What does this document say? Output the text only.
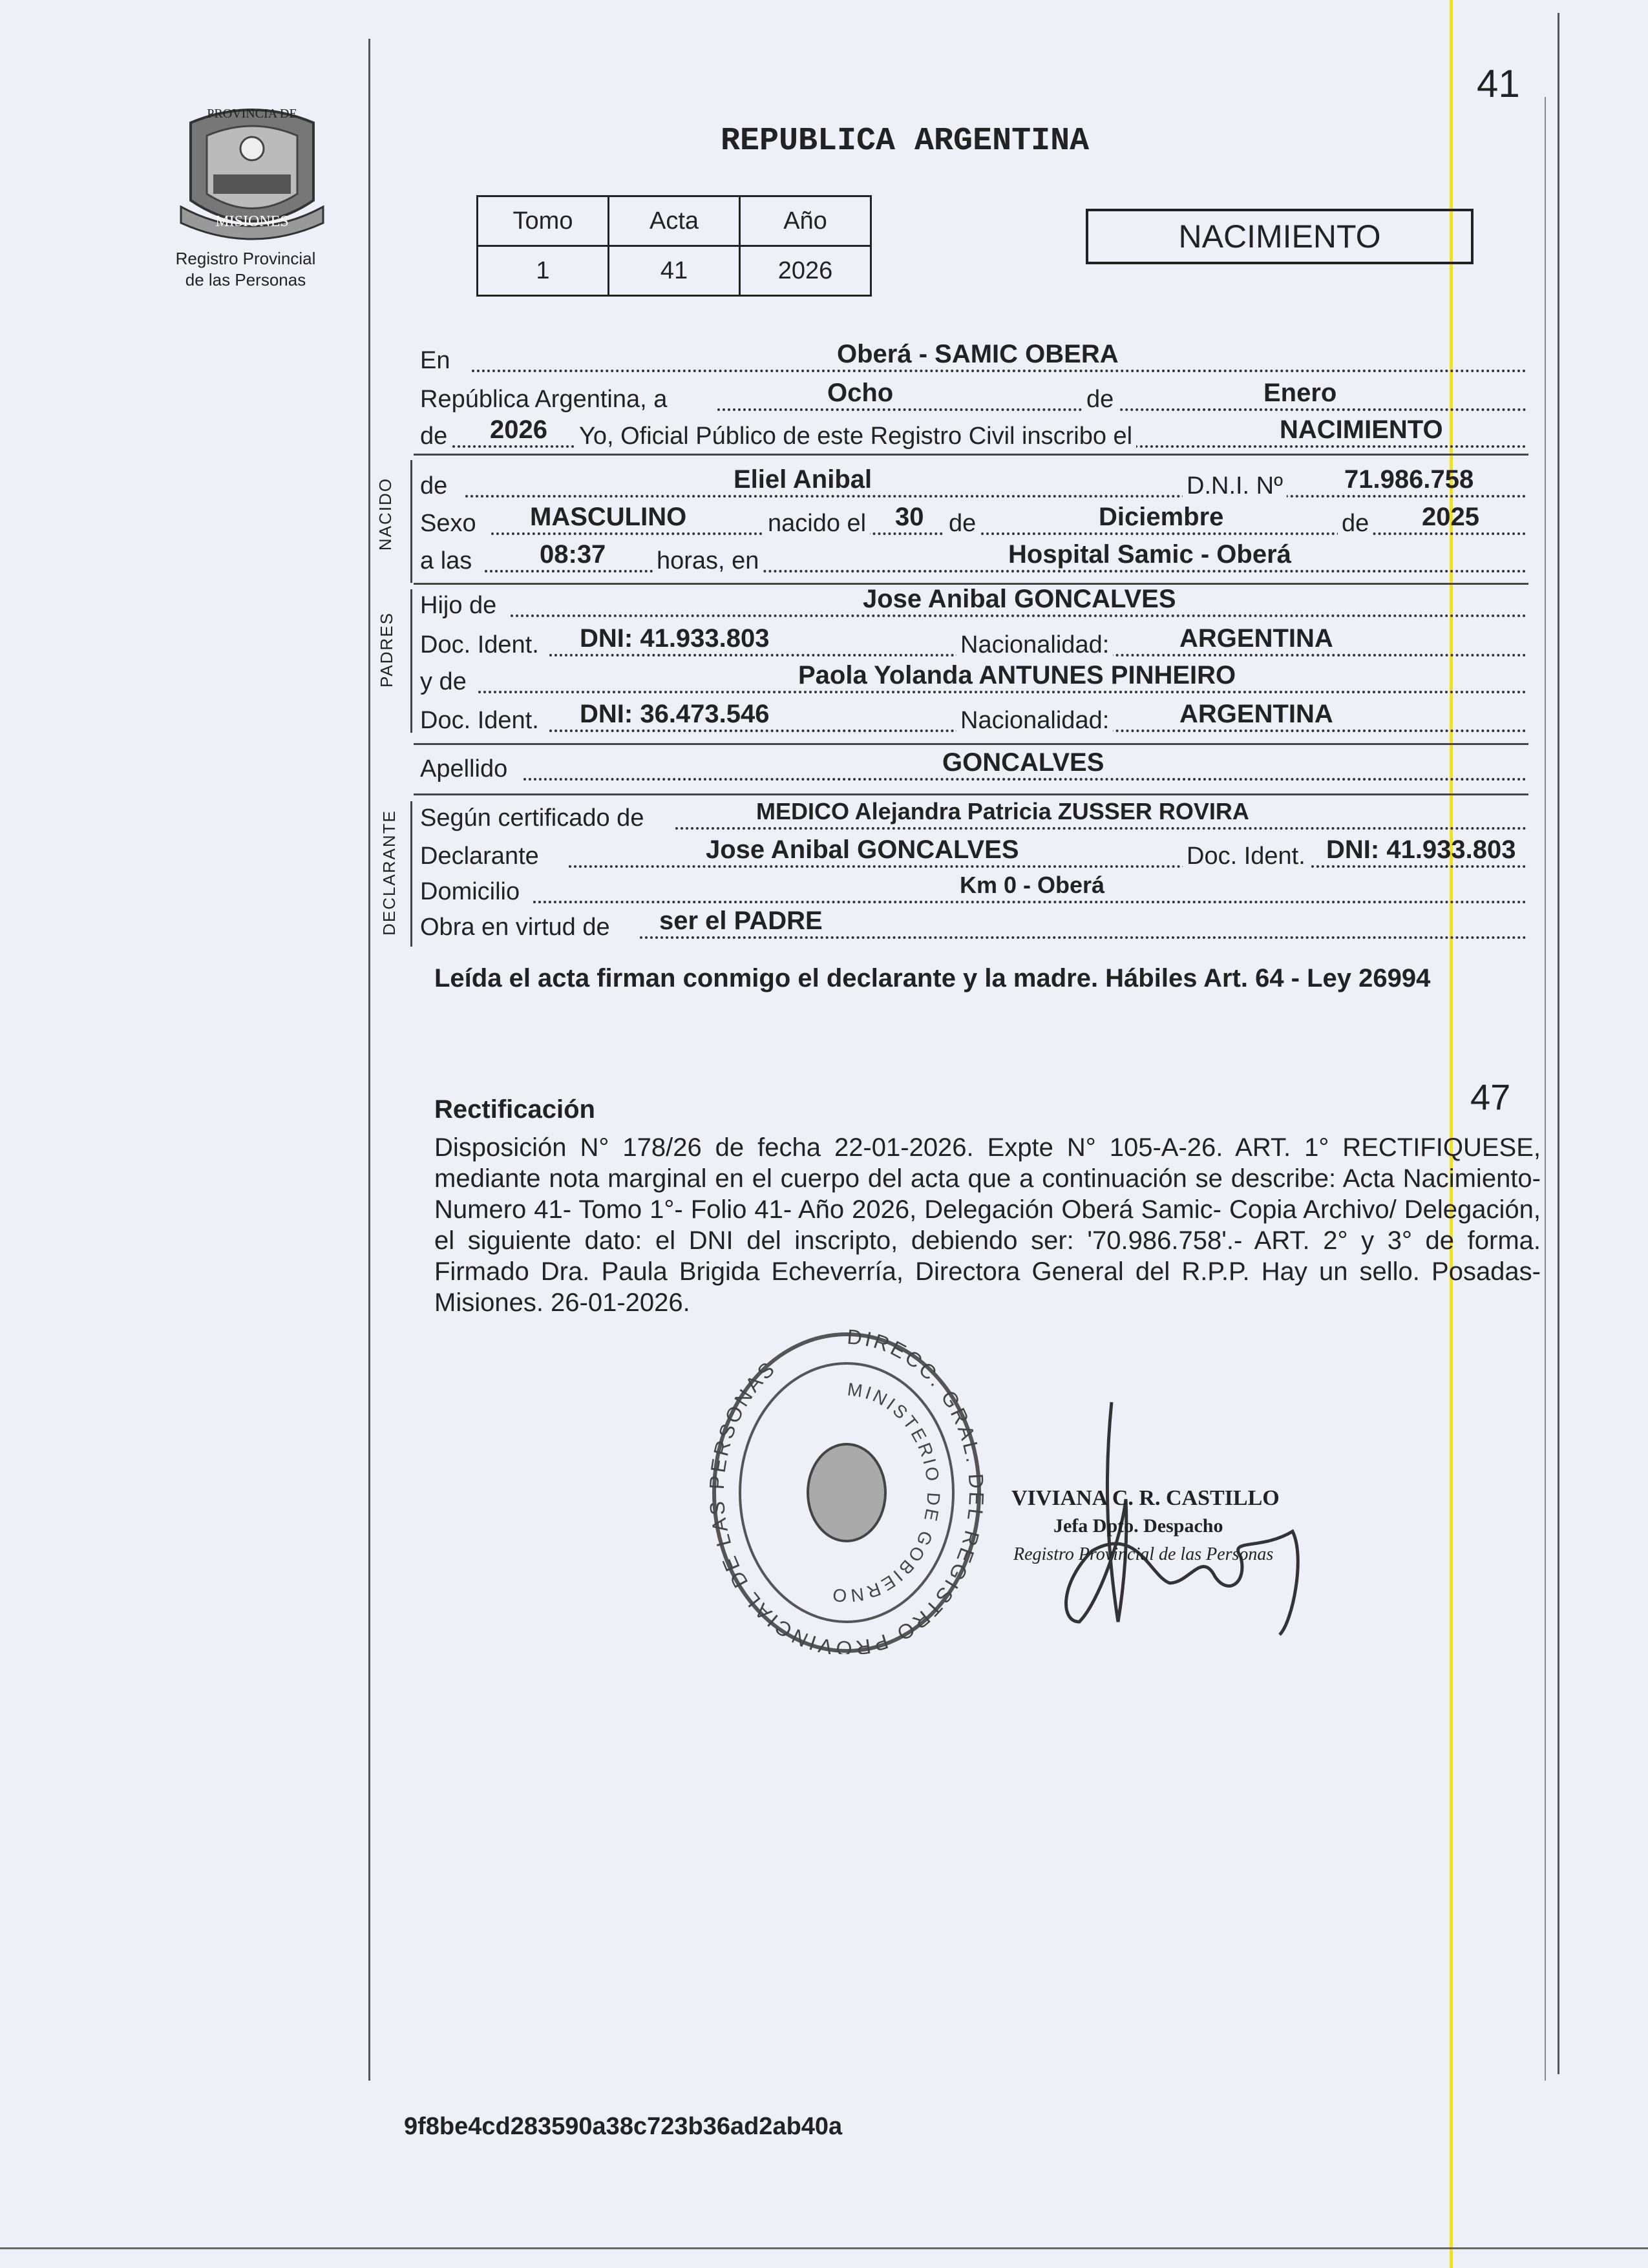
41
PROVINCIA DE
MISIONES
Registro Provincial
de las Personas
REPUBLICA ARGENTINA
Tomo	Acta	Año
1	41	2026
NACIMIENTO
En	Oberá - SAMIC OBERA
República Argentina, a	Ocho	de	Enero
de 2026 Yo, Oficial Público de este Registro Civil inscribo el	NACIMIENTO
NACIDO de	Eliel Anibal	D.N.I. Nº 71.986.758
Sexo MASCULINO	nacido el 30 de	Diciembre	de 2025
a las	08:37 horas, en	Hospital Samic - Oberá
PADRES
Hijo de	Jose Anibal GONCALVES
Doc. Ident. DNI: 41.933.803	Nacionalidad:	ARGENTINA
y de	Paola Yolanda ANTUNES PINHEIRO
Doc. Ident. DNI: 36.473.546	Nacionalidad:	ARGENTINA
Apellido	GONCALVES
DECLARANTE Según certificado de	MEDICO Alejandra Patricia ZUSSER ROVIRA
Declarante	Jose Anibal GONCALVES	Doc. Ident. DNI: 41.933.803
Domicilio	Km 0 - Oberá
Obra en virtud de ser el PADRE
Leída el acta firman conmigo el declarante y la madre. Hábiles Art. 64 - Ley 26994
47
Rectificación
Disposición N° 178/26 de fecha 22-01-2026. Expte N° 105-A-26. ART. 1° RECTIFIQUESE, mediante nota marginal en el cuerpo del acta que a continuación se describe: Acta Nacimiento- Numero 41- Tomo 1°- Folio 41- Año 2026, Delegación Oberá Samic- Copia Archivo/ Delegación, el siguiente dato: el DNI del inscripto, debiendo ser: '70.986.758'.- ART. 2° y 3° de forma. Firmado Dra. Paula Brigida Echeverría, Directora General del R.P.P. Hay un sello. Posadas- Misiones. 26-01-2026.
DIRECC. GRAL. L REGISTRO PROVINCIAL DE LA ERSONAS
MINISTERIO DE GOBIERNO
VIVIANA C. R. CASTILLO
Jefa Dpto. Despacho
Registro Provincial de las Personas
9f8be4cd283590a38c723b36ad2ab40a
